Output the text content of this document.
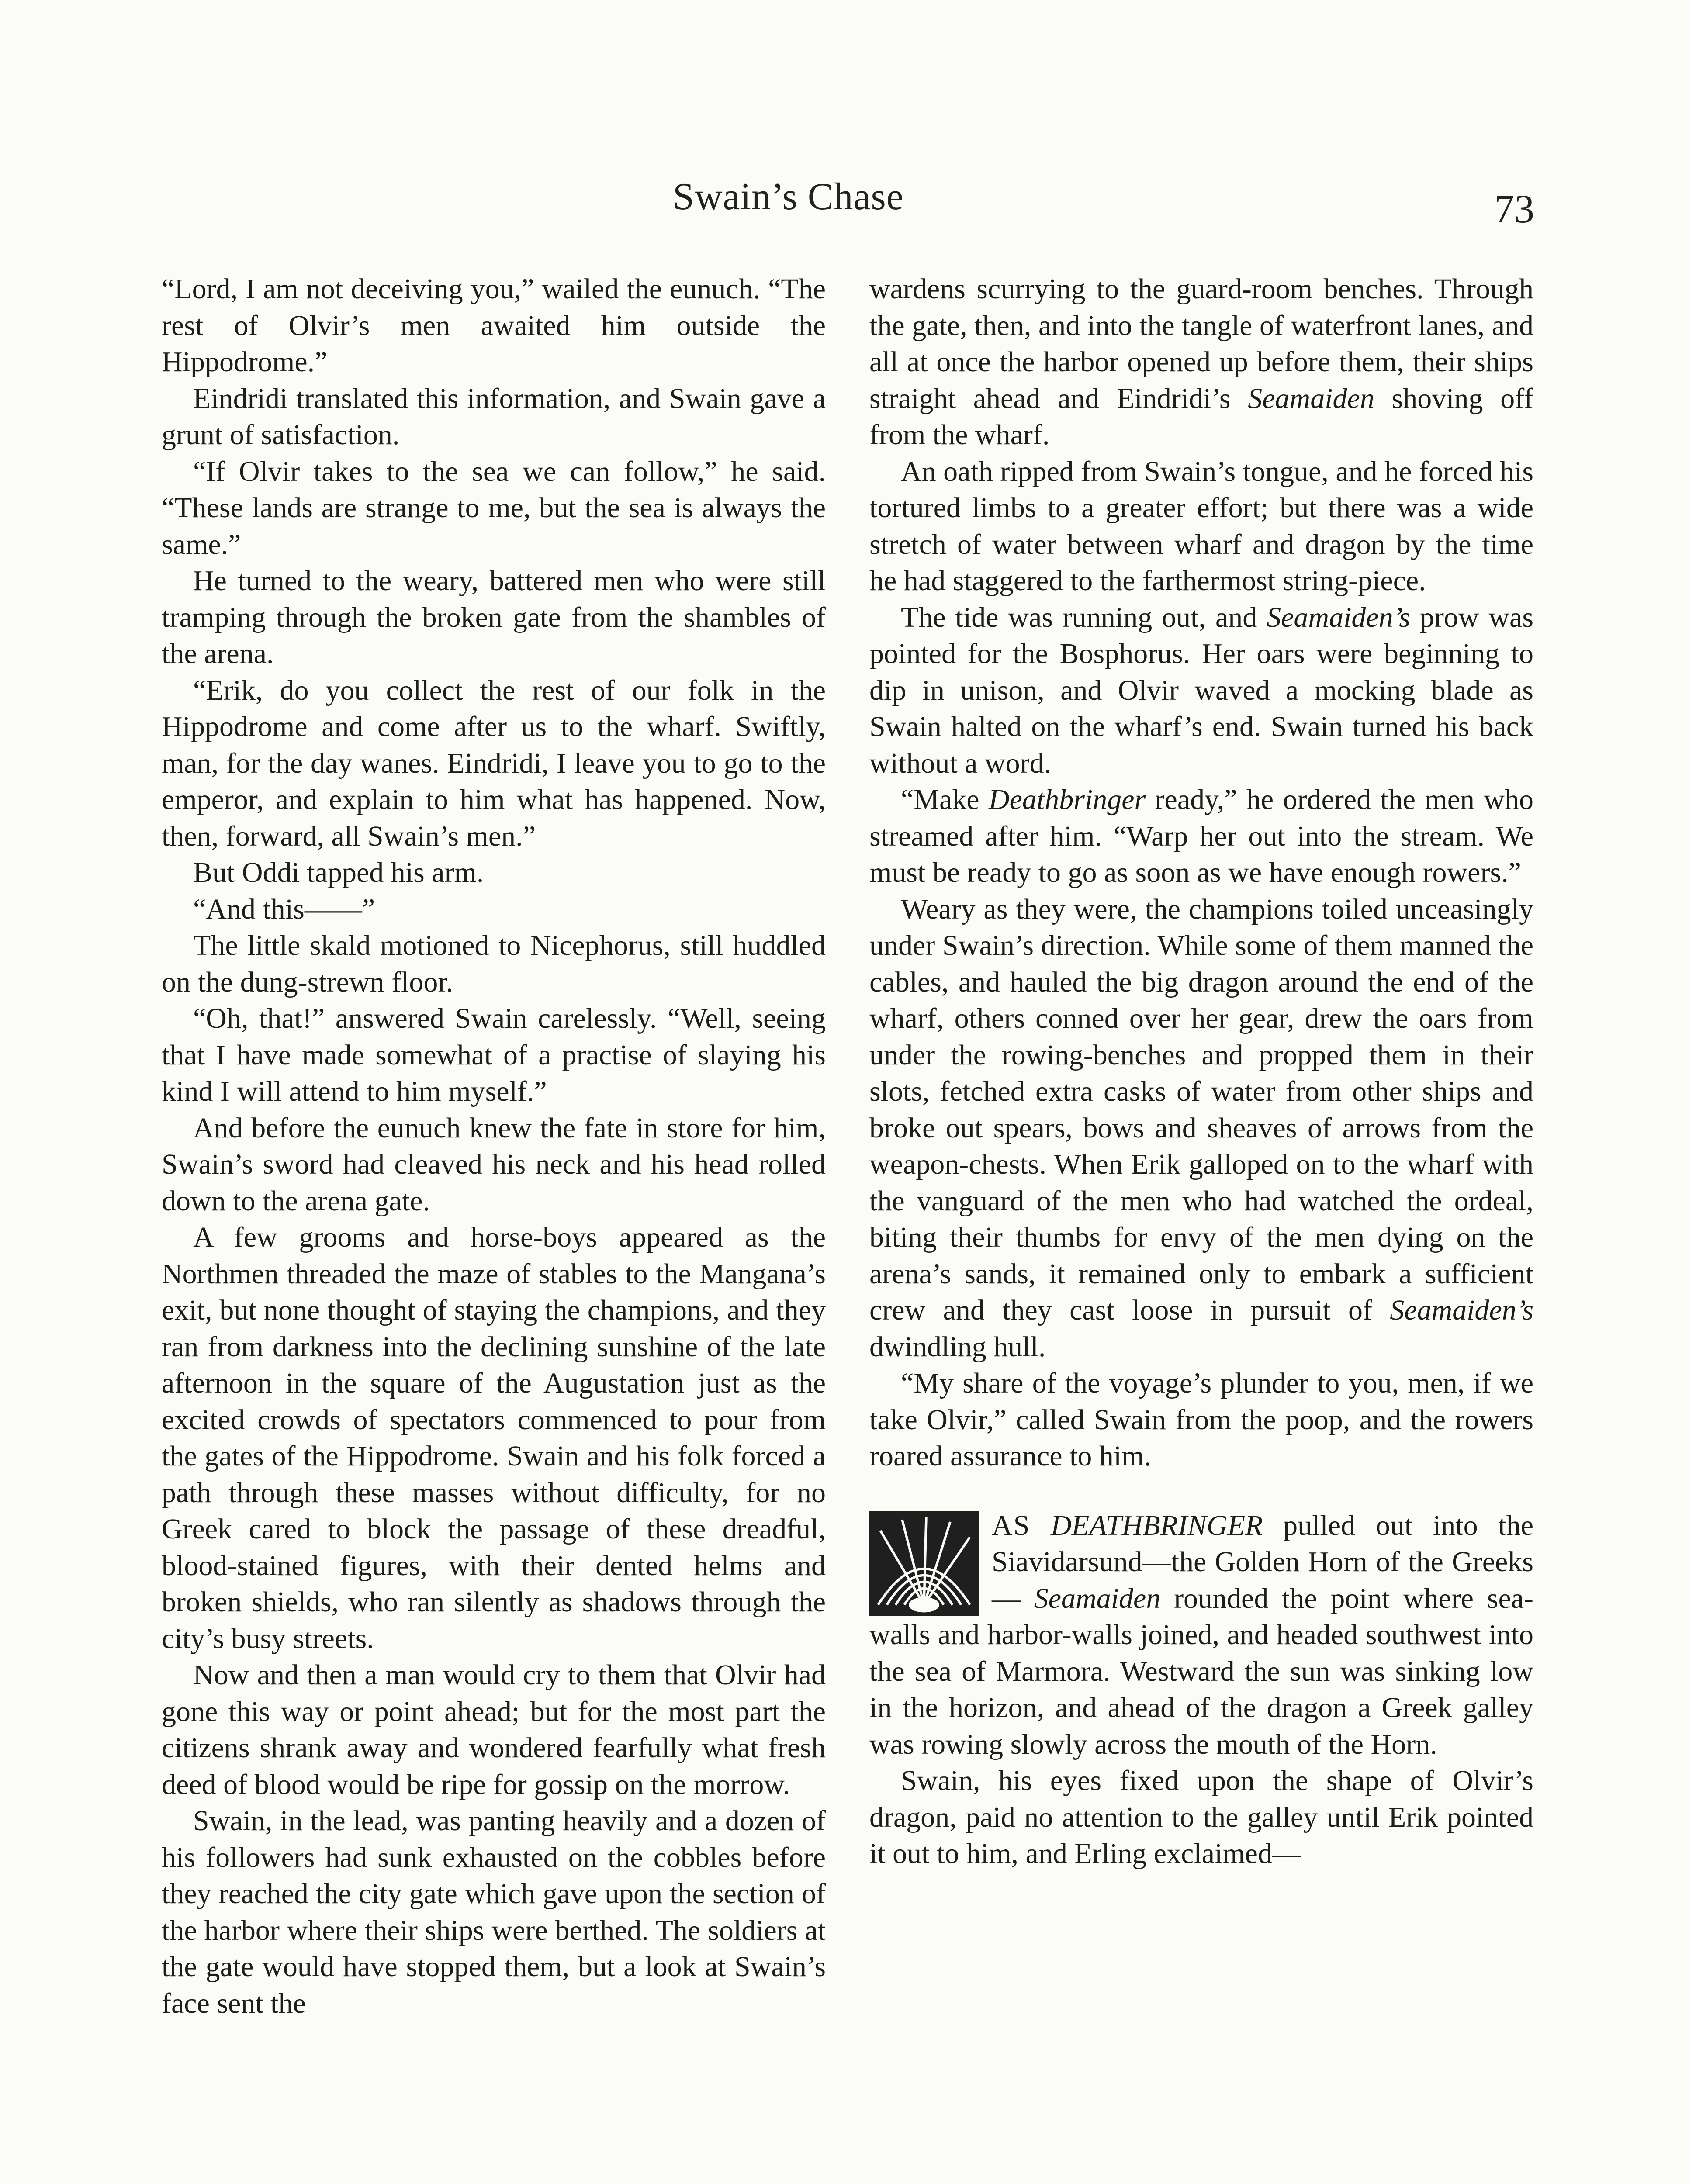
Swain’s Chase	73

“Lord, I am not deceiving you,” wailed the eunuch. “The rest of Olvir’s men awaited him outside the Hippodrome.”

Eindridi translated this information, and Swain gave a grunt of satisfaction.

“If Olvir takes to the sea we can follow,” he said. “These lands are strange to me, but the sea is always the same.”

He turned to the weary, battered men who were still tramping through the broken gate from the shambles of the arena.

“Erik, do you collect the rest of our folk in the Hippodrome and come after us to the wharf. Swiftly, man, for the day wanes. Eindridi, I leave you to go to the emperor, and explain to him what has happened. Now, then, forward, all Swain’s men.”

But Oddi tapped his arm.

“And this——”

The little skald motioned to Nicephorus, still huddled on the dung-strewn floor.

“Oh, that!” answered Swain carelessly. “Well, seeing that I have made somewhat of a practise of slaying his kind I will attend to him myself.”

And before the eunuch knew the fate in store for him, Swain’s sword had cleaved his neck and his head rolled down to the arena gate.

A few grooms and horse-boys appeared as the Northmen threaded the maze of stables to the Mangana’s exit, but none thought of staying the champions, and they ran from darkness into the declining sunshine of the late afternoon in the square of the Augustation just as the excited crowds of spectators commenced to pour from the gates of the Hippodrome. Swain and his folk forced a path through these masses without difficulty, for no Greek cared to block the passage of these dreadful, blood-stained figures, with their dented helms and broken shields, who ran silently as shadows through the city’s busy streets.

Now and then a man would cry to them that Olvir had gone this way or point ahead; but for the most part the citizens shrank away and wondered fearfully what fresh deed of blood would be ripe for gossip on the morrow.

Swain, in the lead, was panting heavily and a dozen of his followers had sunk exhausted on the cobbles before they reached the city gate which gave upon the section of the harbor where their ships were berthed. The soldiers at the gate would have stopped them, but a look at Swain’s face sent the

wardens scurrying to the guard-room benches. Through the gate, then, and into the tangle of waterfront lanes, and all at once the harbor opened up before them, their ships straight ahead and Eindridi’s Seamaiden shoving off from the wharf.

An oath ripped from Swain’s tongue, and he forced his tortured limbs to a greater effort; but there was a wide stretch of water between wharf and dragon by the time he had staggered to the farthermost string-piece.

The tide was running out, and Seamaiden’s prow was pointed for the Bosphorus. Her oars were beginning to dip in unison, and Olvir waved a mocking blade as Swain halted on the wharf’s end. Swain turned his back without a word.

“Make Deathbringer ready,” he ordered the men who streamed after him. “Warp her out into the stream. We must be ready to go as soon as we have enough rowers.”

Weary as they were, the champions toiled unceasingly under Swain’s direction. While some of them manned the cables, and hauled the big dragon around the end of the wharf, others conned over her gear, drew the oars from under the rowing-benches and propped them in their slots, fetched extra casks of water from other ships and broke out spears, bows and sheaves of arrows from the weapon-chests. When Erik galloped on to the wharf with the vanguard of the men who had watched the ordeal, biting their thumbs for envy of the men dying on the arena’s sands, it remained only to embark a sufficient crew and they cast loose in pursuit of Seamaiden’s dwindling hull.

“My share of the voyage’s plunder to you, men, if we take Olvir,” called Swain from the poop, and the rowers roared assurance to him.

AS DEATHBRINGER pulled out into the Siavidarsund—the Golden Horn of the Greeks — Seamaiden rounded the point where sea-walls and harbor-walls joined, and headed southwest into the sea of Marmora. Westward the sun was sinking low in the horizon, and ahead of the dragon a Greek galley was rowing slowly across the mouth of the Horn.

Swain, his eyes fixed upon the shape of Olvir’s dragon, paid no attention to the galley until Erik pointed it out to him, and Erling exclaimed—
